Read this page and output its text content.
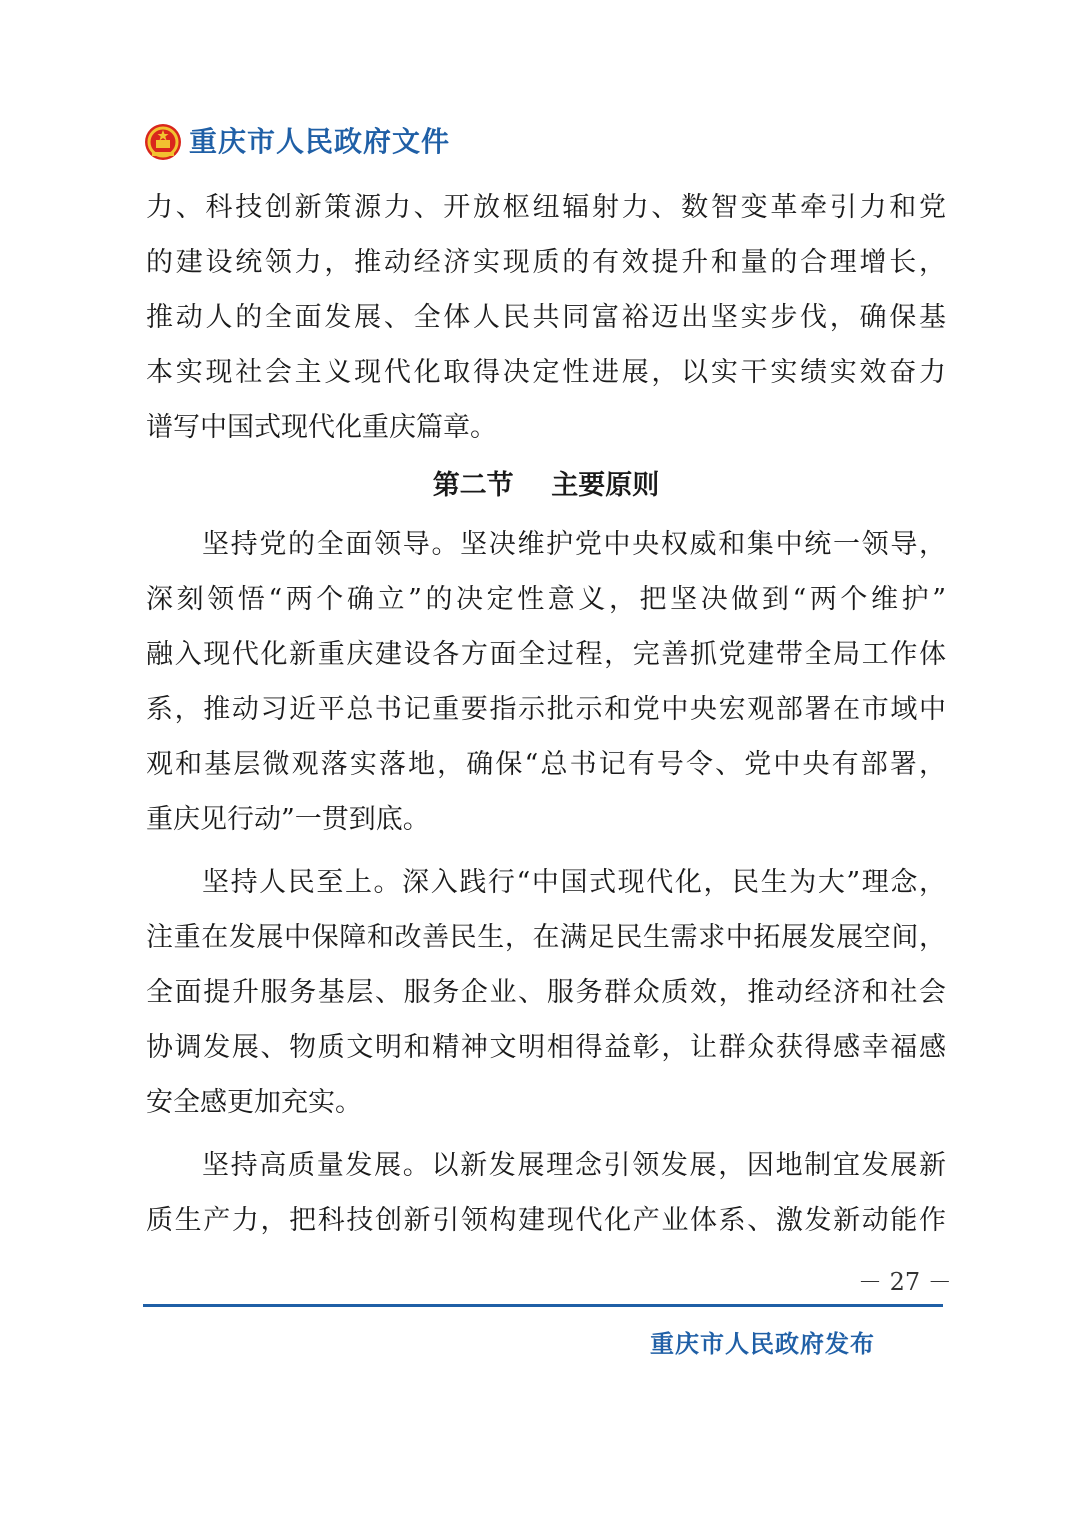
重庆市人民政府文件
力、科技创新策源力、开放枢纽辐射力、数智变革牵引力和党
的建设统领力，推动经济实现质的有效提升和量的合理增长，
推动人的全面发展、全体人民共同富裕迈出坚实步伐，确保基
本实现社会主义现代化取得决定性进展，以实干实绩实效奋力
谱写中国式现代化重庆篇章。
第二节    主要原则
坚持党的全面领导。坚决维护党中央权威和集中统一领导，
深刻领悟“两个确立”的决定性意义，把坚决做到“两个维护”
融入现代化新重庆建设各方面全过程，完善抓党建带全局工作体
系，推动习近平总书记重要指示批示和党中央宏观部署在市域中
观和基层微观落实落地，确保“总书记有号令、党中央有部署，
重庆见行动”一贯到底。
坚持人民至上。深入践行“中国式现代化，民生为大”理念，
注重在发展中保障和改善民生，在满足民生需求中拓展发展空间，
全面提升服务基层、服务企业、服务群众质效，推动经济和社会
协调发展、物质文明和精神文明相得益彰，让群众获得感幸福感
安全感更加充实。
坚持高质量发展。以新发展理念引领发展，因地制宜发展新
质生产力，把科技创新引领构建现代化产业体系、激发新动能作
－ 27 －
重庆市人民政府发布
